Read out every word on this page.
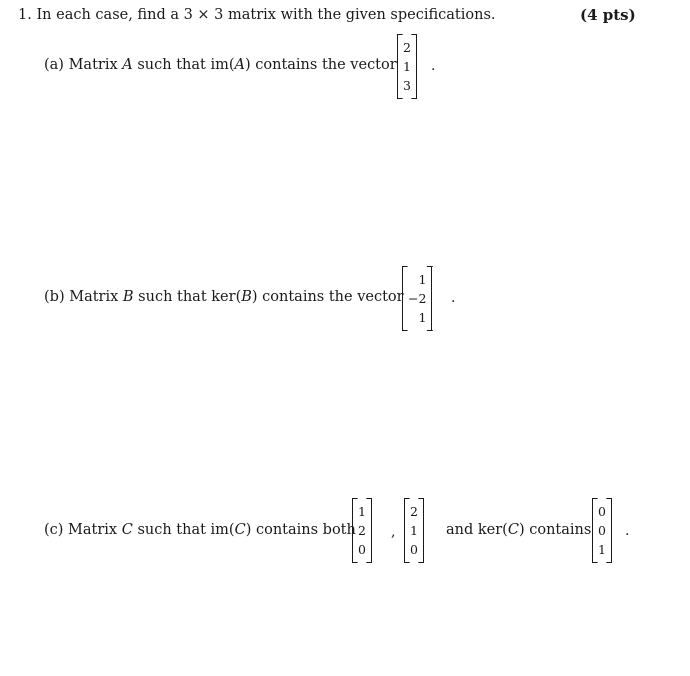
1. In each case, find a 3 × 3 matrix with the given specifications.	(4 pts)
(a) Matrix A such that im(A) contains the vector
2
1
3
.
(b) Matrix B such that ker(B) contains the vector
1
−2
1
.
(c) Matrix C such that im(C) contains both
1
2
0
,
2
1
0
and ker(C) contains
0
0
1
.
